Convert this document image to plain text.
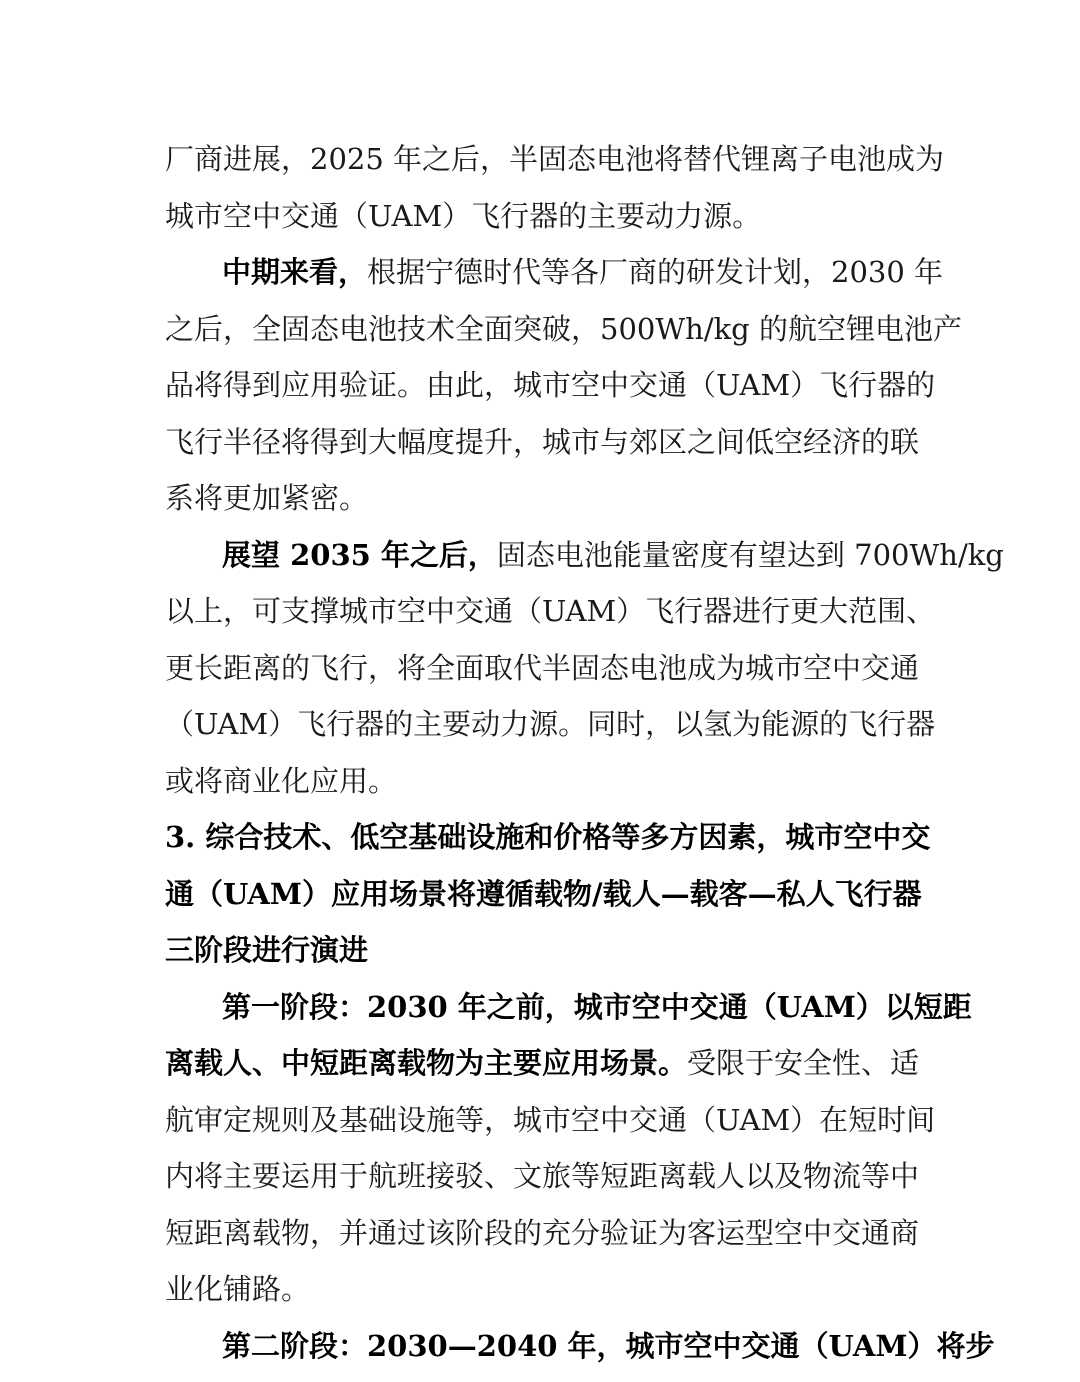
厂商进展，2025 年之后，半固态电池将替代锂离子电池成为
城市空中交通（UAM）飞行器的主要动力源。
中期来看，根据宁德时代等各厂商的研发计划，2030 年
之后，全固态电池技术全面突破，500Wh/kg 的航空锂电池产
品将得到应用验证。由此，城市空中交通（UAM）飞行器的
飞行半径将得到大幅度提升，城市与郊区之间低空经济的联
系将更加紧密。
展望 2035 年之后，固态电池能量密度有望达到 700Wh/kg
以上，可支撑城市空中交通（UAM）飞行器进行更大范围、
更长距离的飞行，将全面取代半固态电池成为城市空中交通
（UAM）飞行器的主要动力源。同时，以氢为能源的飞行器
或将商业化应用。
3. 综合技术、低空基础设施和价格等多方因素，城市空中交
通（UAM）应用场景将遵循载物/载人—载客—私人飞行器
三阶段进行演进
第一阶段：2030 年之前，城市空中交通（UAM）以短距
离载人、中短距离载物为主要应用场景。受限于安全性、适
航审定规则及基础设施等，城市空中交通（UAM）在短时间
内将主要运用于航班接驳、文旅等短距离载人以及物流等中
短距离载物，并通过该阶段的充分验证为客运型空中交通商
业化铺路。
第二阶段：2030—2040 年，城市空中交通（UAM）将步
